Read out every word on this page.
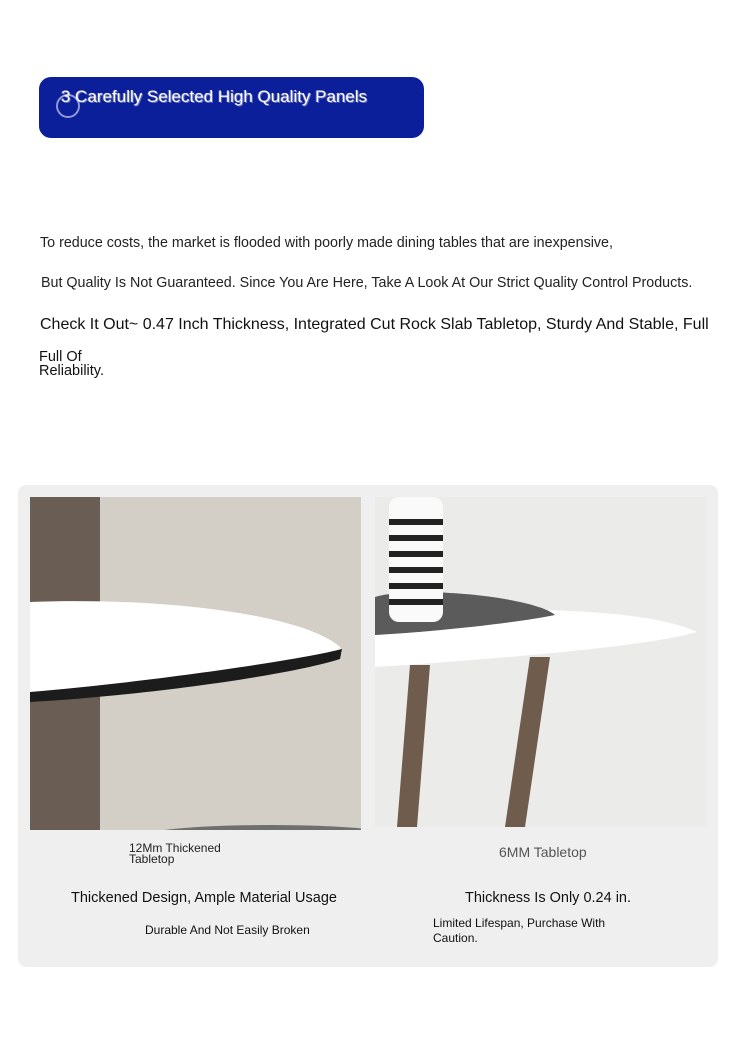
3 Carefully Selected High Quality Panels
To reduce costs, the market is flooded with poorly made dining tables that are inexpensive,
But Quality Is Not Guaranteed. Since You Are Here, Take A Look At Our Strict Quality Control Products.
Check It Out~ 0.47 Inch Thickness, Integrated Cut Rock Slab Tabletop, Sturdy And Stable, Full
Full Of
Reliability.
12Mm Thickened
Tabletop	6MM Tabletop
Thickened Design, Ample Material Usage	Thickness Is Only 0.24 in.
Durable And Not Easily Broken	Limited Lifespan, Purchase With
Caution.
